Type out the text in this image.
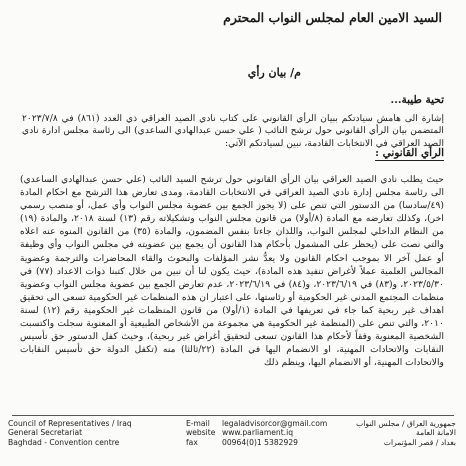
السيد الامين العام لمجلس النواب المحترم
م/ بيان رأي
تحية طيبة...
إشارة الى هامش سيادتكم ببيان الرأي القانوني على كتاب نادي الصيد العراقي ذي العدد (٨٦١) في ٢٠٢٣/٧/٨ المتضمن بيان الرأي القانوني حول ترشح النائب ( علي حسن عبدالهادي الساعدي) الى رئاسة مجلس ادارة نادي الصيد العراقي في الانتخابات القادمة، نبين لسيادتكم الآتي:
الرأي القانوني :
حيث يطلب نادي الصيد العراقي بيان الرأي القانوني حول ترشح السيد النائب (علي حسن عبدالهادي الساعدي) الى رئاسة مجلس إدارة نادي الصيد العراقي في الانتخابات القادمة، ومدى تعارض هذا الترشح مع احكام المادة (٤٩/سادسا) من الدستور التي تنص على (لا يجوز الجمع بين عضوية مجلس النواب وأي عمل، أو منصب رسمي اخر)، وكذلك تعارضه مع المادة (٨/أولا) من قانون مجلس النواب وتشكيلاته رقم (١٣) لسنة ٢٠١٨، والمادة (١٩) من النظام الداخلي لمجلس النواب، واللذان جاءتا بنفس المضمون، والمادة (٣٥) من القانون المنوه عنه اعلاه والتي نصت على (يحظر على المشمول بأحكام هذا القانون أن يجمع بين عضويته في مجلس النواب وأي وظيفة أو عمل آخر الا بموجب احكام القانون ولا يعدُّ نشر المؤلفات والبحوث والقاء المحاضرات والترجمة وعضوية المجالس العلمية عملاً لأغراض تنفيذ هذه المادة)، حيث يكون لنا أن نبين من خلال كتبنا ذوات الاعداد (٧٧) في ٢٠٢٣/٥/٣٠، و(٨٣) في ٢٠٢٣/٦/١٩، و(٨٤) في ٢٠٢٣/٦/١٩، عدم تعارض الجمع بين عضوية مجلس النواب وعضوية منظمات المجتمع المدني غير الحكومية أو رئاستها، على اعتبار ان هذه المنظمات غير الحكومية تسعى الى تحقيق اهداف غير ربحية كما جاء في تعريفها في المادة (١/أولا) من قانون المنظمات غير الحكومية رقم (١٢) لسنة ٢٠١٠، والتي تنص على (المنظمة غير الحكومية هي مجموعة من الأشخاص الطبيعية أو المعنوية سجلت واكتسبت الشخصية المعنوية وفقاً لأحكام هذا القانون تسعى لتحقيق أغراض غير ربحية)، وحيث كفل الدستور حق تأسيس النقابات والاتحادات المهنية، او الانضمام اليها في المادة (٢٢/ثالثا) منه (تكفل الدولة حق تأسيس النقابات والاتحادات المهنية، أو الانضمام اليها، وينظم ذلك
Council of Representatives / Iraq
General Secretariat
Baghdad - Convention centre
E-mail legaladvisorcor@gmail.com
website www.parliament.iq
fax	00964(0)1 5382929
جمهورية العراق / مجلس النواب
الامانة العامة
بغداد / قصر المؤتمرات
